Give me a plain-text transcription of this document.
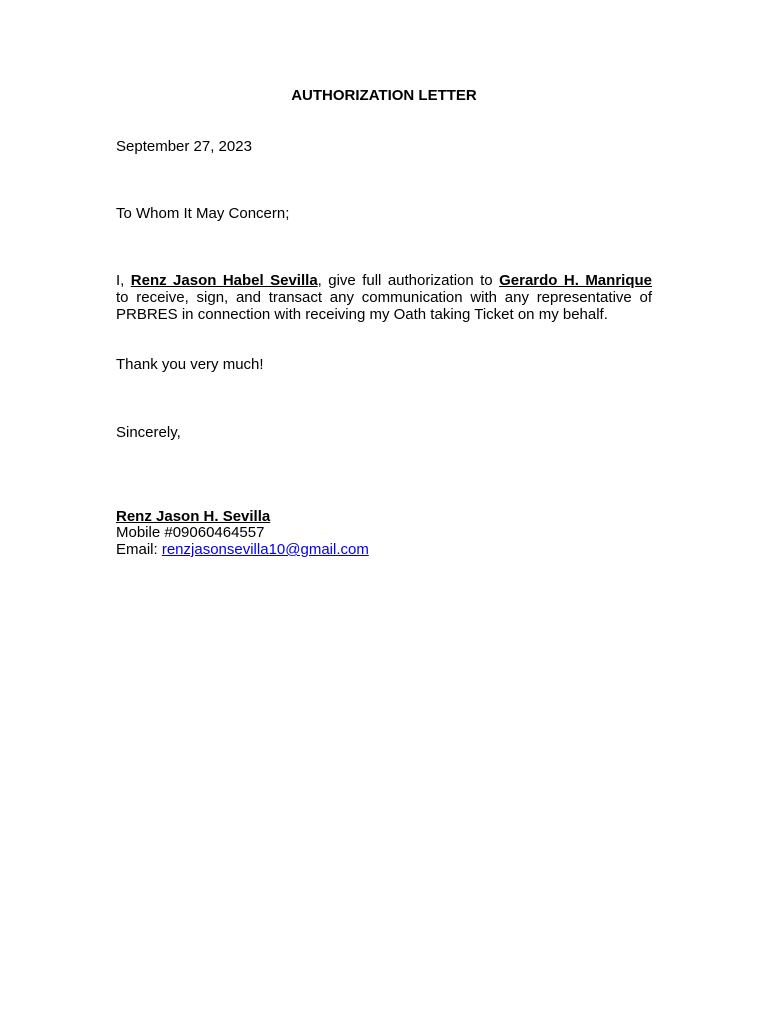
AUTHORIZATION LETTER
September 27, 2023
To Whom It May Concern;
I, Renz Jason Habel Sevilla, give full authorization to Gerardo H. Manrique
to receive, sign, and transact any communication with any representative of
PRBRES in connection with receiving my Oath taking Ticket on my behalf.
Thank you very much!
Sincerely,
Renz Jason H. Sevilla
Mobile #09060464557
Email: renzjasonsevilla10@gmail.com
